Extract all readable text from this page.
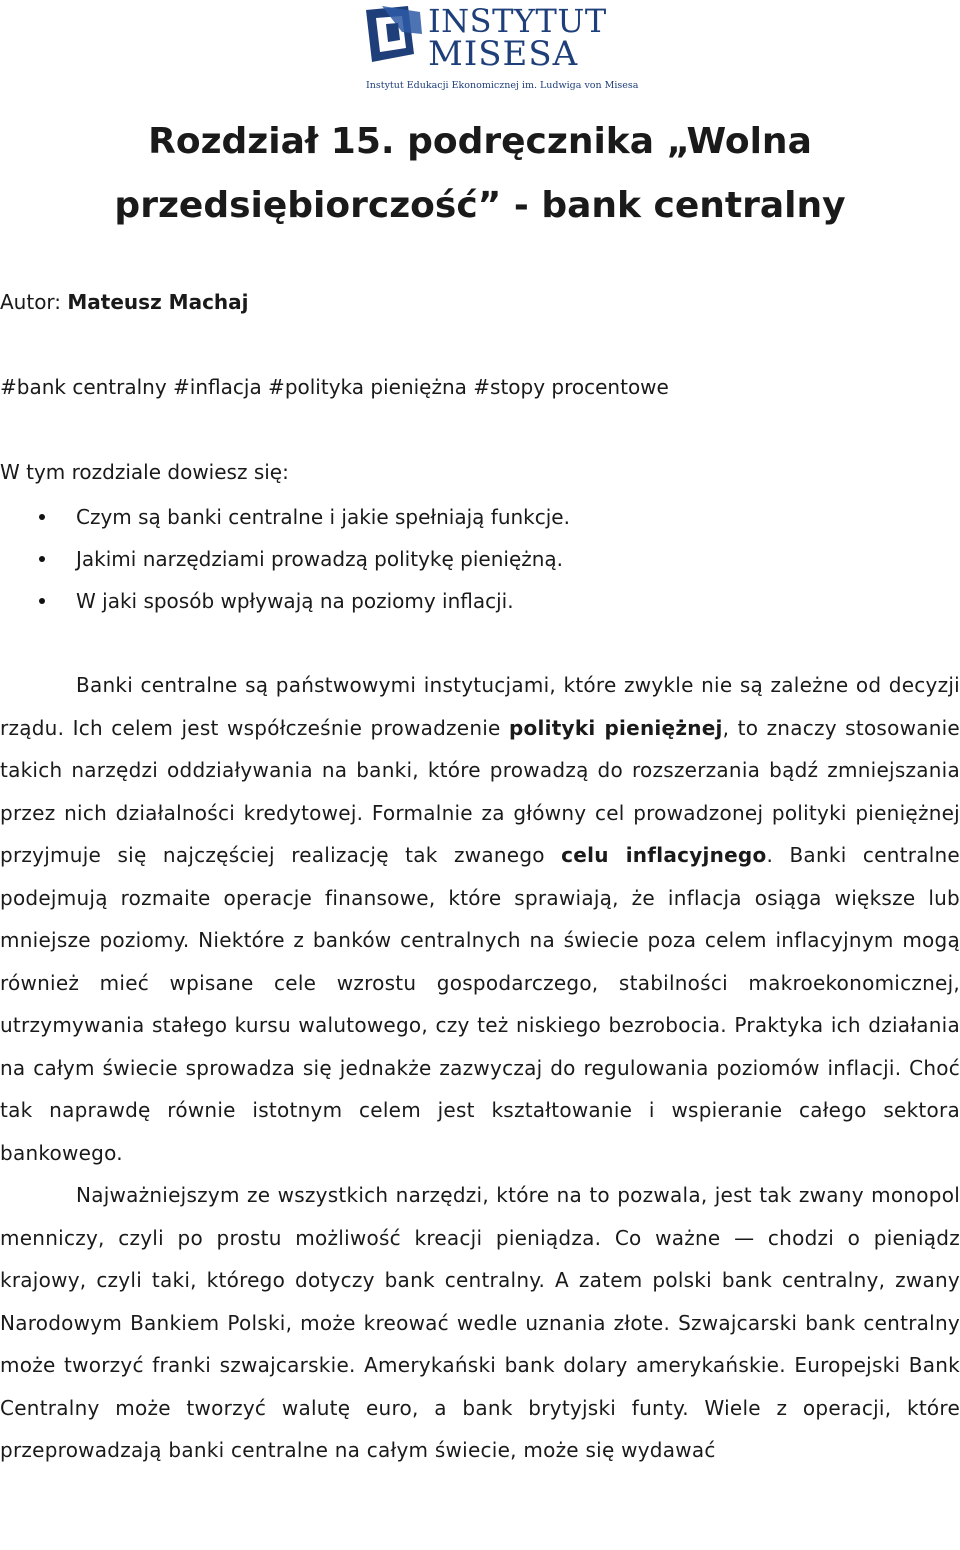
INSTYTUT
MISESA
Instytut Edukacji Ekonomicznej im. Ludwiga von Misesa
Rozdział 15. podręcznika „Wolna przedsiębiorczość” - bank centralny
Autor: Mateusz Machaj
#bank centralny #inflacja #polityka pieniężna #stopy procentowe
W tym rozdziale dowiesz się:
Czym są banki centralne i jakie spełniają funkcje.
Jakimi narzędziami prowadzą politykę pieniężną.
W jaki sposób wpływają na poziomy inflacji.

Banki centralne są państwowymi instytucjami, które zwykle nie są zależne od decyzji rządu. Ich celem jest współcześnie prowadzenie polityki pieniężnej, to znaczy stosowanie takich narzędzi oddziaływania na banki, które prowadzą do rozszerzania bądź zmniejszania przez nich działalności kredytowej. Formalnie za główny cel prowadzonej polityki pieniężnej przyjmuje się najczęściej realizację tak zwanego celu inflacyjnego. Banki centralne podejmują rozmaite operacje finansowe, które sprawiają, że inflacja osiąga większe lub mniejsze poziomy. Niektóre z banków centralnych na świecie poza celem inflacyjnym mogą również mieć wpisane cele wzrostu gospodarczego, stabilności makroekonomicznej, utrzymywania stałego kursu walutowego, czy też niskiego bezrobocia. Praktyka ich działania na całym świecie sprowadza się jednakże zazwyczaj do regulowania poziomów inflacji. Choć tak naprawdę równie istotnym celem jest kształtowanie i wspieranie całego sektora bankowego.

Najważniejszym ze wszystkich narzędzi, które na to pozwala, jest tak zwany monopol menniczy, czyli po prostu możliwość kreacji pieniądza. Co ważne — chodzi o pieniądz krajowy, czyli taki, którego dotyczy bank centralny. A zatem polski bank centralny, zwany Narodowym Bankiem Polski, może kreować wedle uznania złote. Szwajcarski bank centralny może tworzyć franki szwajcarskie. Amerykański bank dolary amerykańskie. Europejski Bank Centralny może tworzyć walutę euro, a bank brytyjski funty. Wiele z operacji, które przeprowadzają banki centralne na całym świecie, może się wydawać
